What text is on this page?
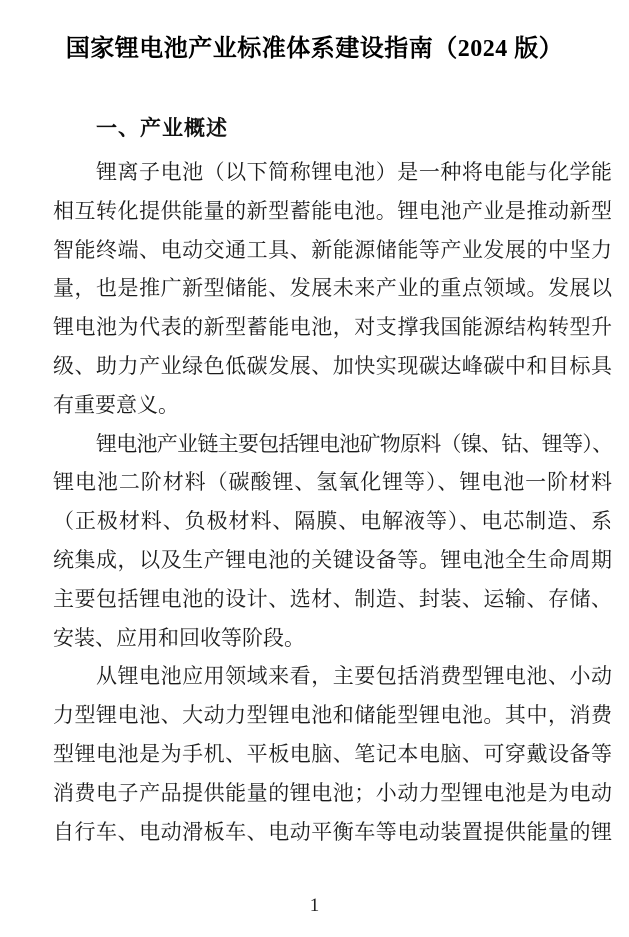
国家锂电池产业标准体系建设指南（2024 版）
一、产业概述
锂离子电池（以下简称锂电池）是一种将电能与化学能
相互转化提供能量的新型蓄能电池。锂电池产业是推动新型
智能终端、电动交通工具、新能源储能等产业发展的中坚力
量，也是推广新型储能、发展未来产业的重点领域。发展以
锂电池为代表的新型蓄能电池，对支撑我国能源结构转型升
级、助力产业绿色低碳发展、加快实现碳达峰碳中和目标具
有重要意义。
锂电池产业链主要包括锂电池矿物原料（镍、钴、锂等）、
锂电池二阶材料（碳酸锂、氢氧化锂等）、锂电池一阶材料
（正极材料、负极材料、隔膜、电解液等）、电芯制造、系
统集成，以及生产锂电池的关键设备等。锂电池全生命周期
主要包括锂电池的设计、选材、制造、封装、运输、存储、
安装、应用和回收等阶段。
从锂电池应用领域来看，主要包括消费型锂电池、小动
力型锂电池、大动力型锂电池和储能型锂电池。其中，消费
型锂电池是为手机、平板电脑、笔记本电脑、可穿戴设备等
消费电子产品提供能量的锂电池；小动力型锂电池是为电动
自行车、电动滑板车、电动平衡车等电动装置提供能量的锂
1
